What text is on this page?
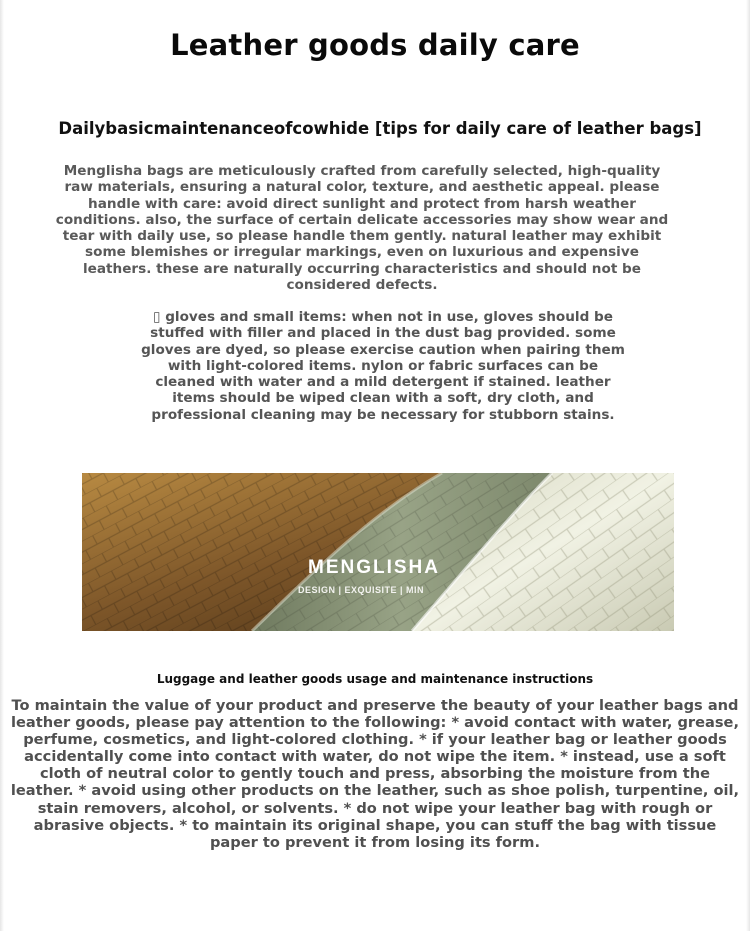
Leather goods daily care
Dailybasicmaintenanceofcowhide [tips for daily care of leather bags]

Menglisha bags are meticulously crafted from carefully selected, high-quality raw materials, ensuring a natural color, texture, and aesthetic appeal. please handle with care: avoid direct sunlight and protect from harsh weather conditions. also, the surface of certain delicate accessories may show wear and tear with daily use, so please handle them gently. natural leather may exhibit some blemishes or irregular markings, even on luxurious and expensive leathers. these are naturally occurring characteristics and should not be considered defects.

▯ gloves and small items: when not in use, gloves should be stuffed with filler and placed in the dust bag provided. some gloves are dyed, so please exercise caution when pairing them with light-colored items. nylon or fabric surfaces can be cleaned with water and a mild detergent if stained. leather items should be wiped clean with a soft, dry cloth, and professional cleaning may be necessary for stubborn stains.

MENGLISHA
DESIGN | EXQUISITE | MIN
Luggage and leather goods usage and maintenance instructions

To maintain the value of your product and preserve the beauty of your leather bags and leather goods, please pay attention to the following: * avoid contact with water, grease, perfume, cosmetics, and light-colored clothing. * if your leather bag or leather goods accidentally come into contact with water, do not wipe the item. * instead, use a soft cloth of neutral color to gently touch and press, absorbing the moisture from the leather. * avoid using other products on the leather, such as shoe polish, turpentine, oil, stain removers, alcohol, or solvents. * do not wipe your leather bag with rough or abrasive objects. * to maintain its original shape, you can stuff the bag with tissue paper to prevent it from losing its form.
